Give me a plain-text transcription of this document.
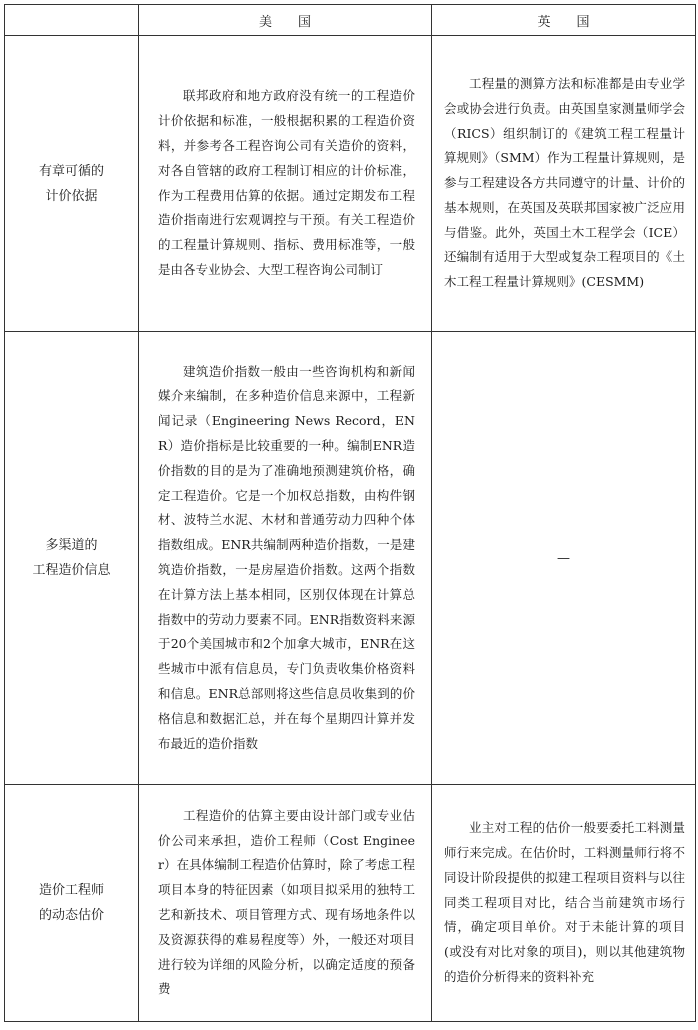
	美国	英国

有章可循的
计价依据	联邦政府和地方政府没有统一的工程造价计价依据和标准，一般根据积累的工程造价资料，并参考各工程咨询公司有关造价的资料，对各自管辖的政府工程制订相应的计价标准，作为工程费用估算的依据。通过定期发布工程造价指南进行宏观调控与干预。有关工程造价的工程量计算规则、指标、费用标准等，一般是由各专业协会、大型工程咨询公司制订	工程量的测算方法和标准都是由专业学会或协会进行负责。由英国皇家测量师学会（RICS）组织制订的《建筑工程工程量计算规则》（SMM）作为工程量计算规则，是参与工程建设各方共同遵守的计量、计价的基本规则，在英国及英联邦国家被广泛应用与借鉴。此外，英国土木工程学会（ICE）还编制有适用于大型或复杂工程项目的《土木工程工程量计算规则》(CESMM)

多渠道的
工程造价信息	建筑造价指数一般由一些咨询机构和新闻媒介来编制，在多种造价信息来源中，工程新闻记录（Engineering News Record，ENR）造价指标是比较重要的一种。编制ENR造价指数的目的是为了准确地预测建筑价格，确定工程造价。它是一个加权总指数，由构件钢材、波特兰水泥、木材和普通劳动力四种个体指数组成。ENR共编制两种造价指数，一是建筑造价指数，一是房屋造价指数。这两个指数在计算方法上基本相同，区别仅体现在计算总指数中的劳动力要素不同。ENR指数资料来源于20个美国城市和2个加拿大城市，ENR在这些城市中派有信息员，专门负责收集价格资料和信息。ENR总部则将这些信息员收集到的价格信息和数据汇总，并在每个星期四计算并发布最近的造价指数	—

造价工程师
的动态估价	工程造价的估算主要由设计部门或专业估价公司来承担，造价工程师（Cost Engineer）在具体编制工程造价估算时，除了考虑工程项目本身的特征因素（如项目拟采用的独特工艺和新技术、项目管理方式、现有场地条件以及资源获得的难易程度等）外，一般还对项目进行较为详细的风险分析，以确定适度的预备费	业主对工程的估价一般要委托工料测量师行来完成。在估价时，工料测量师行将不同设计阶段提供的拟建工程项目资料与以往同类工程项目对比，结合当前建筑市场行情，确定项目单价。对于未能计算的项目(或没有对比对象的项目)，则以其他建筑物的造价分析得来的资料补充
